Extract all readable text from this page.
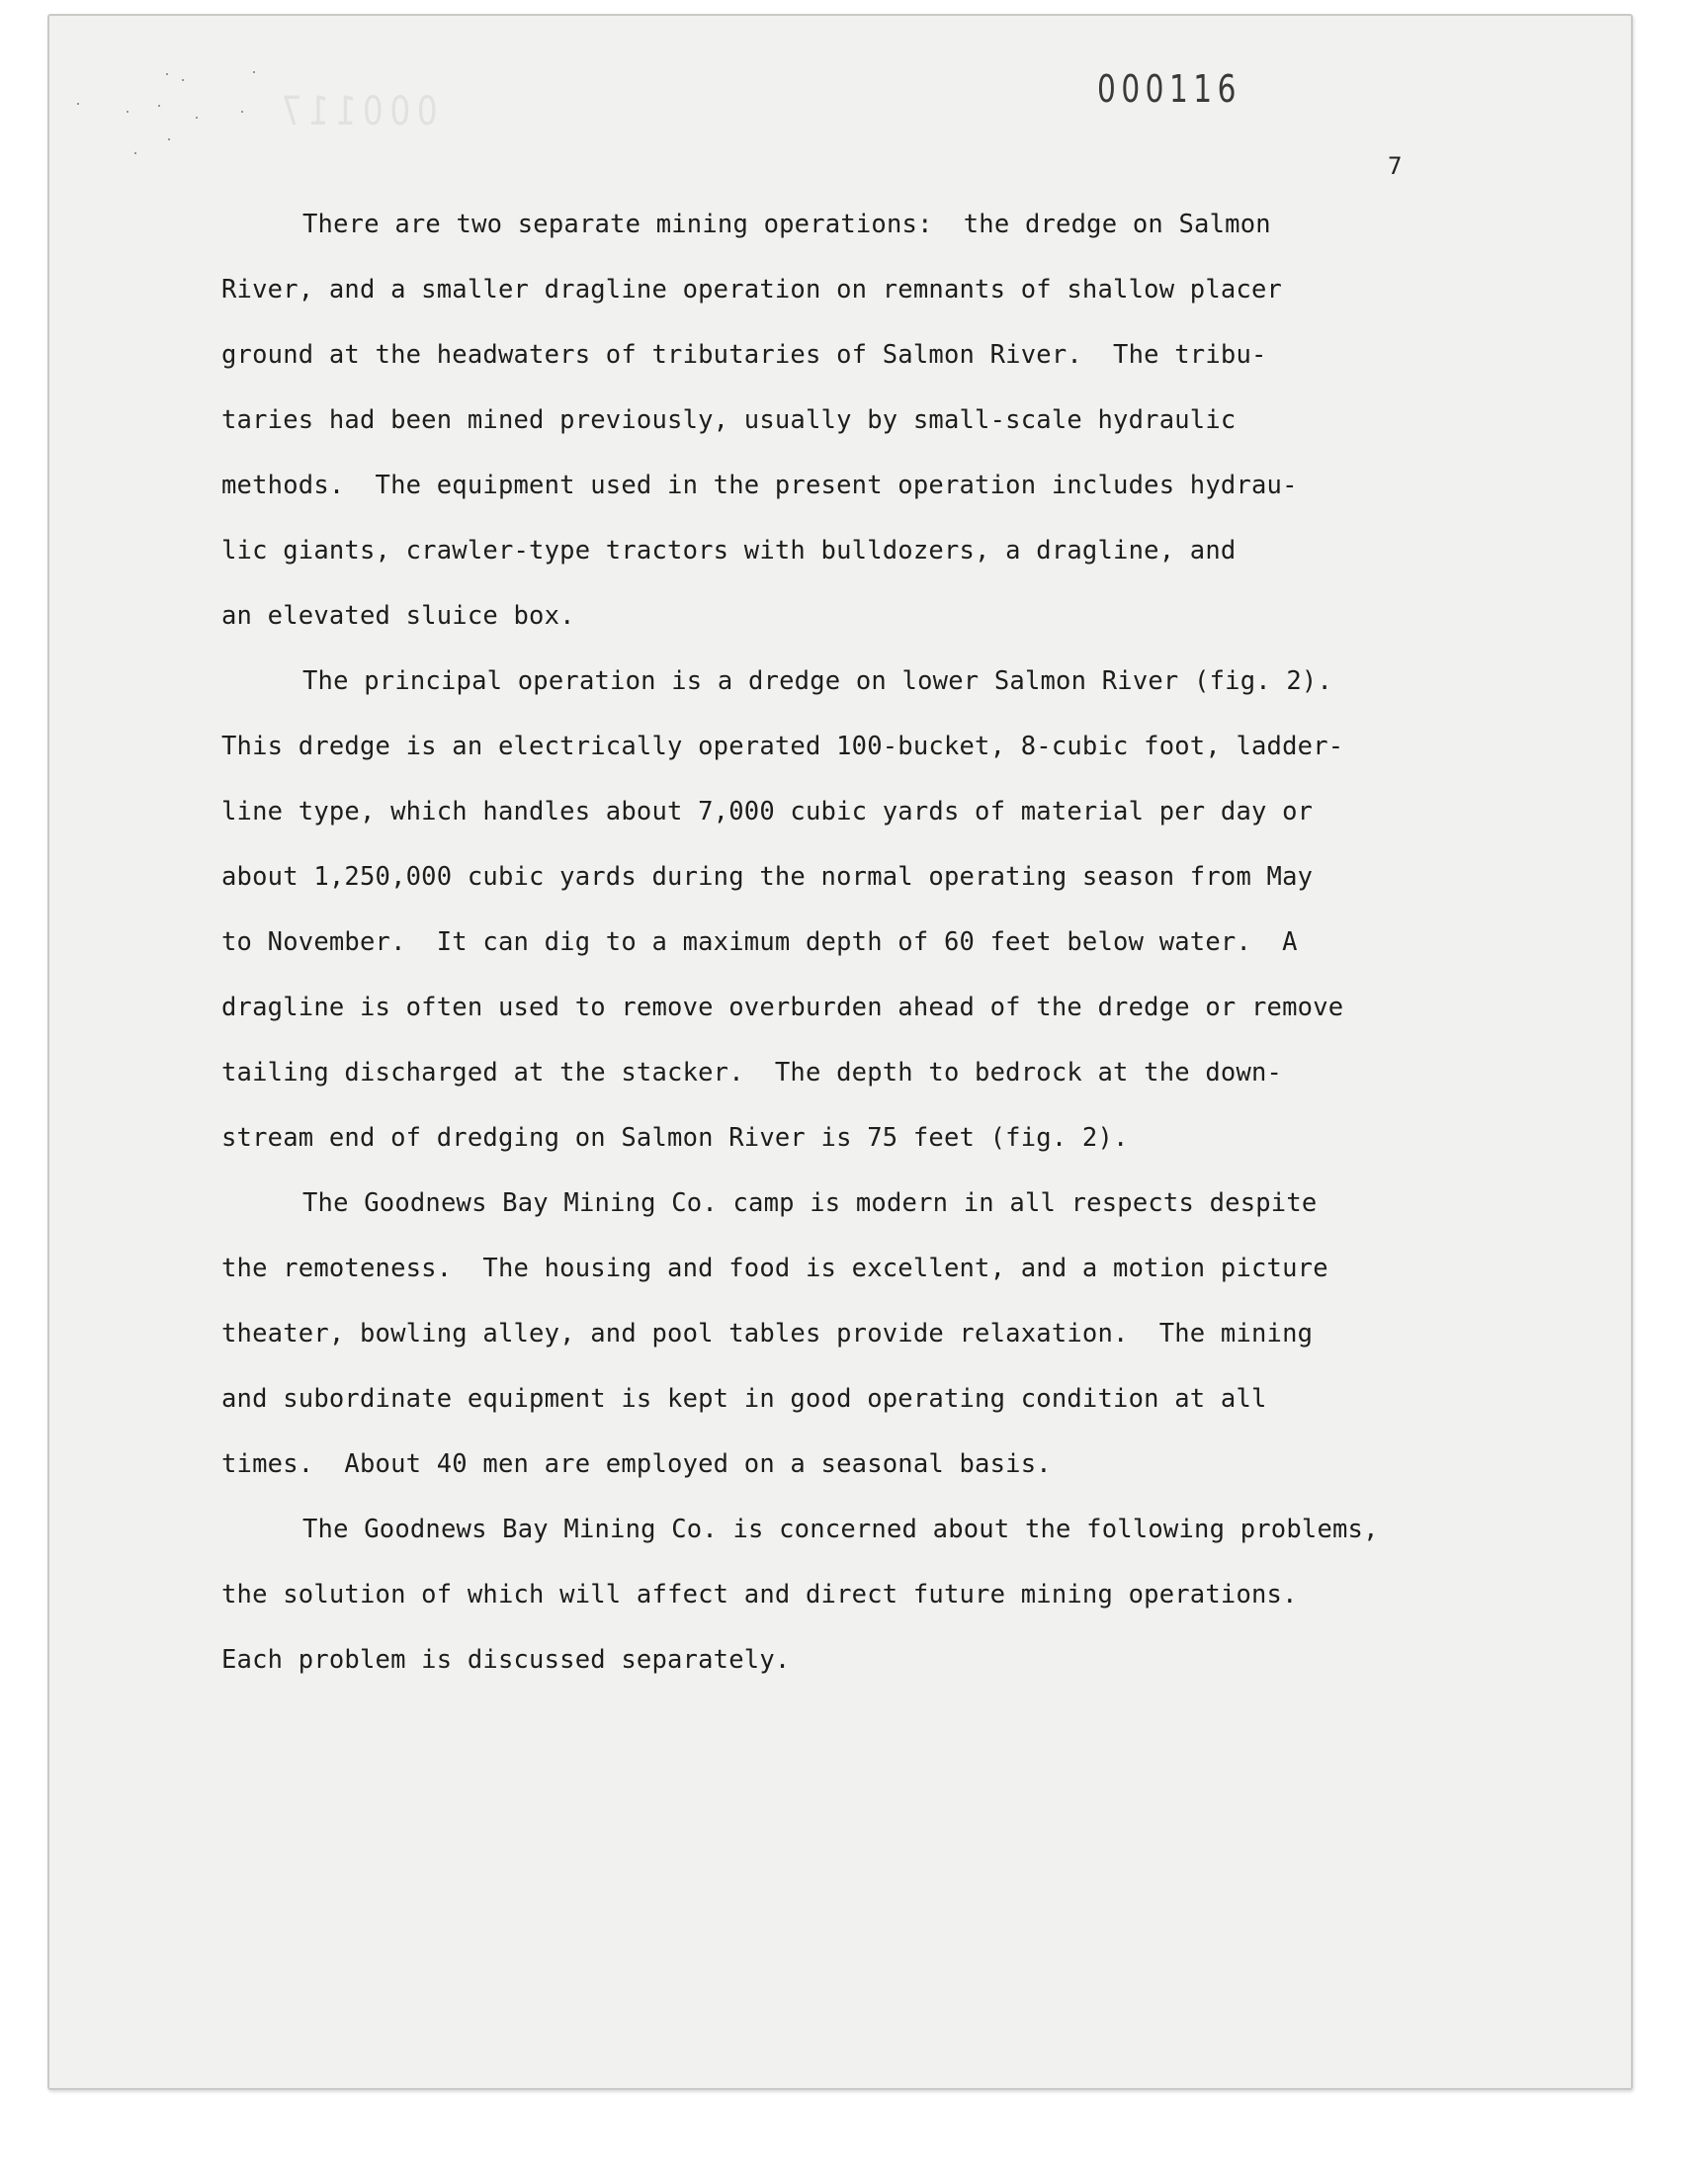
000117	000116
7
There are two separate mining operations:  the dredge on Salmon
River, and a smaller dragline operation on remnants of shallow placer
ground at the headwaters of tributaries of Salmon River.  The tribu-
taries had been mined previously, usually by small-scale hydraulic
methods.  The equipment used in the present operation includes hydrau-
lic giants, crawler-type tractors with bulldozers, a dragline, and
an elevated sluice box.
The principal operation is a dredge on lower Salmon River (fig. 2).
This dredge is an electrically operated 100-bucket, 8-cubic foot, ladder-
line type, which handles about 7,000 cubic yards of material per day or
about 1,250,000 cubic yards during the normal operating season from May
to November.  It can dig to a maximum depth of 60 feet below water.  A
dragline is often used to remove overburden ahead of the dredge or remove
tailing discharged at the stacker.  The depth to bedrock at the down-
stream end of dredging on Salmon River is 75 feet (fig. 2).
The Goodnews Bay Mining Co. camp is modern in all respects despite
the remoteness.  The housing and food is excellent, and a motion picture
theater, bowling alley, and pool tables provide relaxation.  The mining
and subordinate equipment is kept in good operating condition at all
times.  About 40 men are employed on a seasonal basis.
The Goodnews Bay Mining Co. is concerned about the following problems,
the solution of which will affect and direct future mining operations.
Each problem is discussed separately.
